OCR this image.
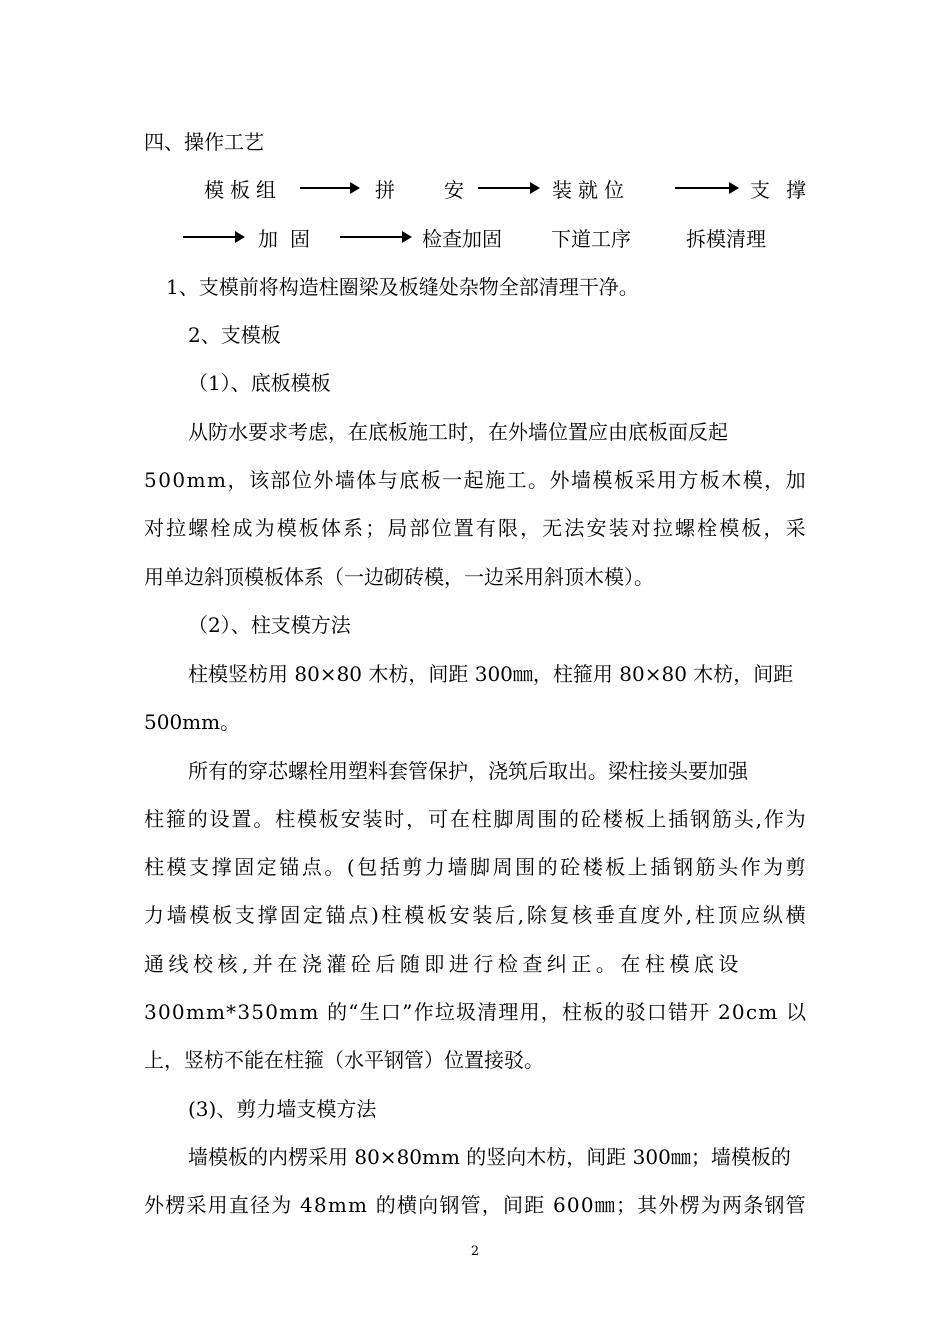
四、操作工艺
模板组	拼 安	装就位	支撑
加固	检查加固 下道工序	拆模清理
1、支模前将构造柱圈梁及板缝处杂物全部清理干净。
2、支模板
（1）、底板模板
从防水要求考虑，在底板施工时，在外墙位置应由底板面反起
5 0 0 m m ， 该 部 位 外 墙 体 与 底 板 一 起 施 工 。 外 墙 模 板 采 用 方 板 木 模 ， 加
对 拉 螺 栓 成 为 模 板 体 系 ； 局 部 位 置 有 限 ， 无 法 安 装 对 拉 螺 栓 模 板 ， 采
用单边斜顶模板体系（一边砌砖模，一边采用斜顶木模）。
（2）、柱支模方法
柱模竖枋用 80×80 木枋，间距 300㎜，柱箍用 80×80 木枋，间距
500mm。
所有的穿芯螺栓用塑料套管保护，浇筑后取出。梁柱接头要加强
柱 箍 的 设 置 。 柱 模 板 安 装 时 ， 可 在 柱 脚 周 围 的 砼 楼 板 上 插 钢 筋 头 , 作 为
柱 模 支 撑 固 定 锚 点 。 ( 包 括 剪 力 墙 脚 周 围 的 砼 楼 板 上 插 钢 筋 头 作 为 剪
力 墙 模 板 支 撑 固 定 锚 点 ) 柱 模 板 安 装 后 , 除 复 核 垂 直 度 外 , 柱 顶 应 纵 横
通线校核,并在浇灌砼后随即进行检查纠正。在柱模底设
3 0 0 m m * 3 5 0 m m
的 “ 生 口 ” 作 垃 圾 清 理 用 ， 柱 板 的 驳 口 错 开
2 0 c m
以
上，竖枋不能在柱箍（水平钢管）位置接驳。
(3)、剪力墙支模方法
墙模板的内楞采用 80×80mm 的竖向木枋，间距 300㎜；墙模板的
外 楞 采 用 直 径 为
4 8 m m
的 横 向 钢 管 ， 间 距
6 0 0 ㎜ ； 其 外 楞 为 两 条 钢 管
2
